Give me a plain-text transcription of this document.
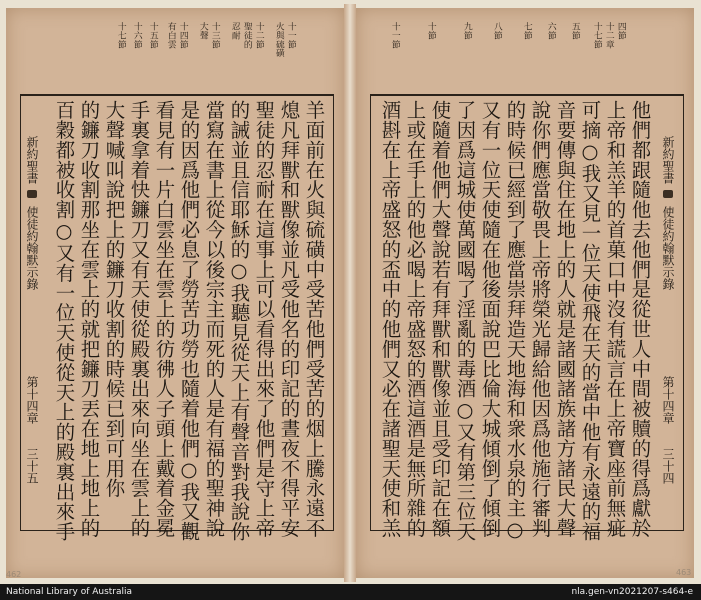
十一節
火與硫磺
十二節
聖徒的
忍耐
十三節
大聲
十四節
有白雲
十五節
十六節
十七節
新約聖書
使徒約翰默示錄
第十四章
三十五	羊面前在火與硫磺中受苦他們受苦的烟上騰永遠不
熄凡拜獸和獸像並凡受他名的印記的晝夜不得平安
聖徒的忍耐在這事上可以看得出來了他們是守上帝
的誡並且信耶穌的○我聽見從天上有聲音對我說你
當寫在書上從今以後宗主而死的人是有福的聖神說
是的因爲他們必息了勞苦功勞也隨着他們○我又觀
看見有一片白雲坐在雲上的彷彿人子頭上戴着金冕
手裏拿着快鐮刀又有天使從殿裏出來向坐在雲上的
大聲喊叫說把上的鐮刀收割的時候已到可用你
的鐮刀收割那坐在雲上的就把鐮刀丟在地上地上的
百穀都被收割○又有一位天使從天上的殿裏出來手
四節
十二章
十七節
五節
六節
七節
八節
九節
十節
十一節
新約聖書
使徒約翰默示錄
第十四章
三十四
他們都跟隨他去他們是從世人中間被贖的得爲獻於
上帝和羔羊的首菓口中沒有謊言在上帝寶座前無疵
可摘○我又見一位天使飛在天的當中他有永遠的福
音要傳與住在地上的人就是諸國諸族諸方諸民大聲
說你們應當敬畏上帝將榮光歸給他因爲他施行審判
的時候已經到了應當崇拜造天地海和衆水泉的主○
又有一位天使隨在他後面說巴比倫大城傾倒了傾倒
了因爲這城使萬國喝了淫亂的毒酒○又有第三位天
使隨着他們大聲說若有拜獸和獸像並且受印記在額
上或在手上的他必喝上帝盛怒的酒這酒是無所雜的
酒斟在上帝盛怒的盃中的他們又必在諸聖天使和羔
462	463
National Library of Australia	nla.gen-vn2021207-s464-e
